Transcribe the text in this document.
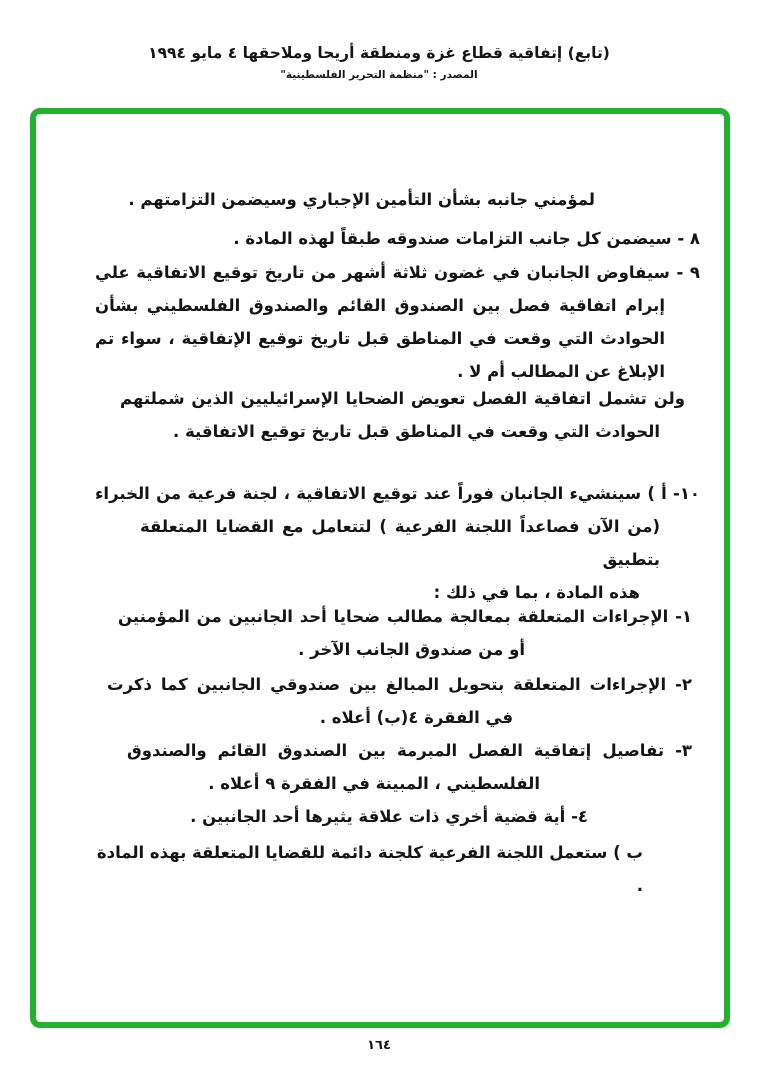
(تابع) إتفاقية قطاع غزة ومنطقة أريحا وملاحقها ٤ مايو ١٩٩٤
المصدر : "منظمة التحرير الفلسطينية"
لمؤمني جانبه بشأن التأمين الإجباري وسيضمن التزامتهم .
٨ - سيضمن كل جانب التزامات صندوقه طبقاً لهذه المادة .
٩ - سيفاوض الجانبان في غضون ثلاثة أشهر من تاريخ توقيع الاتفاقية علي
إبرام اتفاقية فصل بين الصندوق القائم والصندوق الفلسطيني بشأن
الحوادث التي وقعت في المناطق قبل تاريخ توقيع الإتفاقية ، سواء تم
الإبلاغ عن المطالب أم لا .
ولن تشمل اتفاقية الفصل تعويض الضحايا الإسرائيليين الذين شملتهم
الحوادث التي وقعت في المناطق قبل تاريخ توقيع الاتفاقية .
١٠- أ ) سينشيء الجانبان فوراً عند توقيع الاتفاقية ، لجنة فرعية من الخبراء
(من الآن فصاعداً اللجنة الفرعية ) لتتعامل مع القضايا المتعلقة بتطبيق
هذه المادة ، بما في ذلك :
١- الإجراءات المتعلقة بمعالجة مطالب ضحايا أحد الجانبين من المؤمنين
أو من صندوق الجانب الآخر .
٢- الإجراءات المتعلقة بتحويل المبالغ بين صندوقي الجانبين كما ذكرت
في الفقرة ٤(ب) أعلاه .
٣- تفاصيل إتفاقية الفصل المبرمة بين الصندوق القائم والصندوق
الفلسطيني ، المبينة في الفقرة ٩ أعلاه .
٤- أية قضية أخري ذات علاقة يثيرها أحد الجانبين .
ب ) ستعمل اللجنة الفرعية كلجنة دائمة للقضايا المتعلقة بهذه المادة .
١٦٤
